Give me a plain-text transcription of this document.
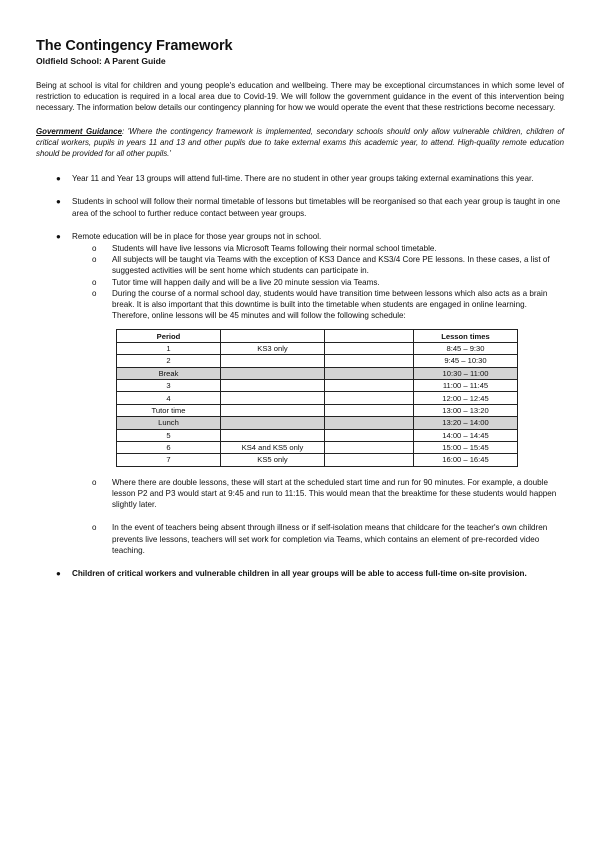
The Contingency Framework
Oldfield School: A Parent Guide

Being at school is vital for children and young people's education and wellbeing. There may be exceptional circumstances in which some level of restriction to education is required in a local area due to Covid-19. We will follow the government guidance in the event of this intervention being necessary. The information below details our contingency planning for how we would operate the event that these restrictions become necessary.

Government Guidance: 'Where the contingency framework is implemented, secondary schools should only allow vulnerable children, children of critical workers, pupils in years 11 and 13 and other pupils due to take external exams this academic year, to attend. High-quality remote education should be provided for all other pupils.'

● Year 11 and Year 13 groups will attend full-time. There are no student in other year groups taking external examinations this year.
● Students in school will follow their normal timetable of lessons but timetables will be reorganised so that each year group is taught in one area of the school to further reduce contact between year groups.
● Remote education will be in place for those year groups not in school.
o Students will have live lessons via Microsoft Teams following their normal school timetable.
o All subjects will be taught via Teams with the exception of KS3 Dance and KS3/4 Core PE lessons. In these cases, a list of suggested activities will be sent home which students can participate in.
o Tutor time will happen daily and will be a live 20 minute session via Teams.
o During the course of a normal school day, students would have transition time between lessons which also acts as a brain break. It is also important that this downtime is built into the timetable when students are engaged in online learning. Therefore, online lessons will be 45 minutes and will follow the following schedule:
Period			Lesson times
1	KS3 only		8:45 – 9:30
2			9:45 – 10:30
Break			10:30 – 11:00
3			11:00 – 11:45
4			12:00 – 12:45
Tutor time			13:00 – 13:20
Lunch			13:20 – 14:00
5			14:00 – 14:45
6	KS4 and KS5 only		15:00 – 15:45
7	KS5 only		16:00 – 16:45
o Where there are double lessons, these will start at the scheduled start time and run for 90 minutes. For example, a double lesson P2 and P3 would start at 9:45 and run to 11:15. This would mean that the breaktime for these students would happen slightly later.
o In the event of teachers being absent through illness or if self-isolation means that childcare for the teacher's own children prevents live lessons, teachers will set work for completion via Teams, which contains an element of pre-recorded video teaching.
● Children of critical workers and vulnerable children in all year groups will be able to access full-time on-site provision.
